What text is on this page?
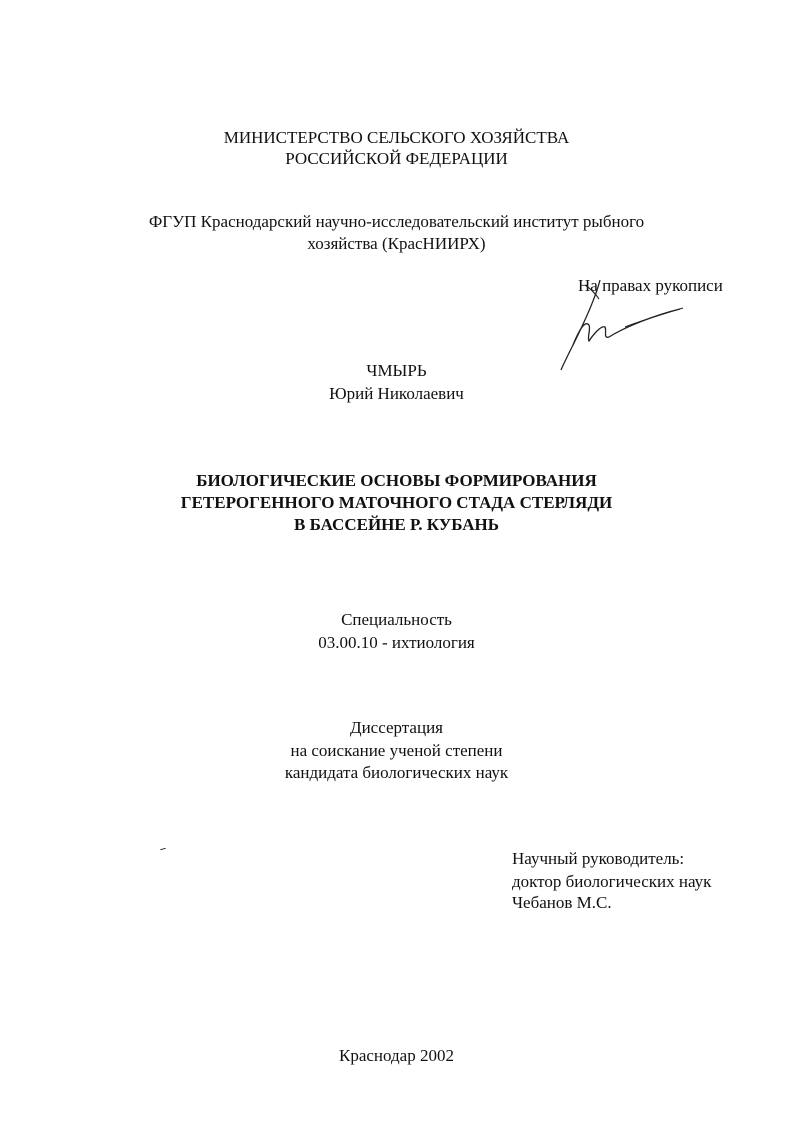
МИНИСТЕРСТВО СЕЛЬСКОГО ХОЗЯЙСТВА
РОССИЙСКОЙ ФЕДЕРАЦИИ
ФГУП Краснодарский научно-исследовательский институт рыбного
хозяйства (КрасНИИРХ)
На правах рукописи
ЧМЫРЬ
Юрий Николаевич
БИОЛОГИЧЕСКИЕ ОСНОВЫ ФОРМИРОВАНИЯ
ГЕТЕРОГЕННОГО МАТОЧНОГО СТАДА СТЕРЛЯДИ
В БАССЕЙНЕ Р. КУБАНЬ
Специальность
03.00.10 - ихтиология
Диссертация
на соискание ученой степени
кандидата биологических наук
Научный руководитель:
доктор биологических наук
Чебанов М.С.
Краснодар 2002
